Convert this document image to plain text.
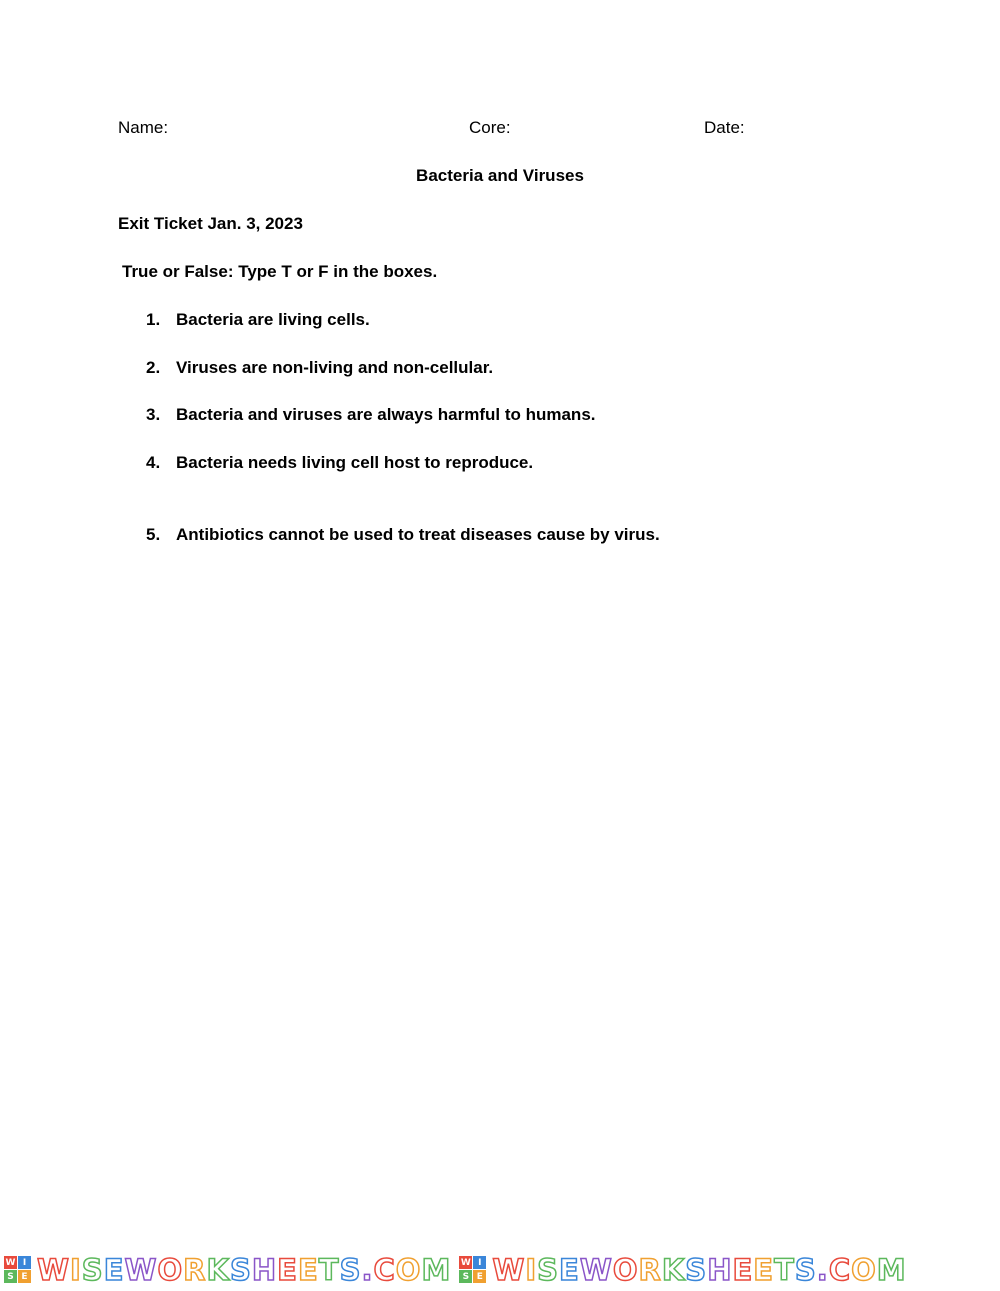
Name:	Core:	Date:
Bacteria and Viruses
Exit Ticket Jan. 3, 2023
True or False: Type T or F in the boxes.
1. Bacteria are living cells.
2. Viruses are non-living and non-cellular.
3. Bacteria and viruses are always harmful to humans.
4. Bacteria needs living cell host to reproduce.
5. Antibiotics cannot be used to treat diseases cause by virus.
W I
S E WISEWORKSHEETS.COM W I
S E WISEWORKSHEETS.COM
